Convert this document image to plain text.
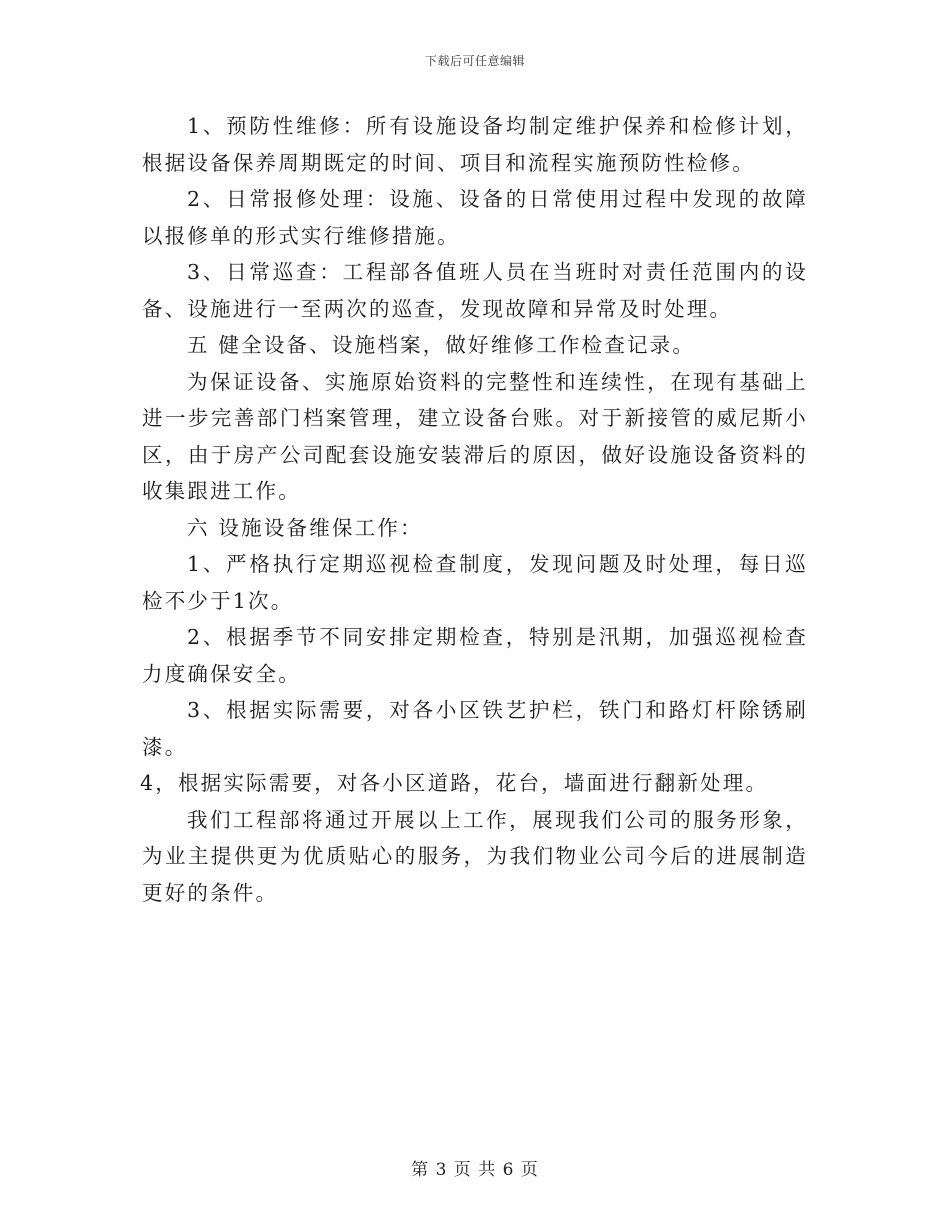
下载后可任意编辑

1、预防性维修：所有设施设备均制定维护保养和检修计划，根据设备保养周期既定的时间、项目和流程实施预防性检修。

2、日常报修处理：设施、设备的日常使用过程中发现的故障以报修单的形式实行维修措施。

3、日常巡查：工程部各值班人员在当班时对责任范围内的设备、设施进行一至两次的巡查，发现故障和异常及时处理。

五 健全设备、设施档案，做好维修工作检查记录。

为保证设备、实施原始资料的完整性和连续性，在现有基础上进一步完善部门档案管理，建立设备台账。对于新接管的威尼斯小区，由于房产公司配套设施安装滞后的原因，做好设施设备资料的收集跟进工作。

六 设施设备维保工作：

1、严格执行定期巡视检查制度，发现问题及时处理，每日巡检不少于1次。

2、根据季节不同安排定期检查，特别是汛期，加强巡视检查力度确保安全。

3、根据实际需要，对各小区铁艺护栏，铁门和路灯杆除锈刷漆。

4，根据实际需要，对各小区道路，花台，墙面进行翻新处理。

我们工程部将通过开展以上工作，展现我们公司的服务形象，为业主提供更为优质贴心的服务，为我们物业公司今后的进展制造更好的条件。

第 3 页 共 6 页
